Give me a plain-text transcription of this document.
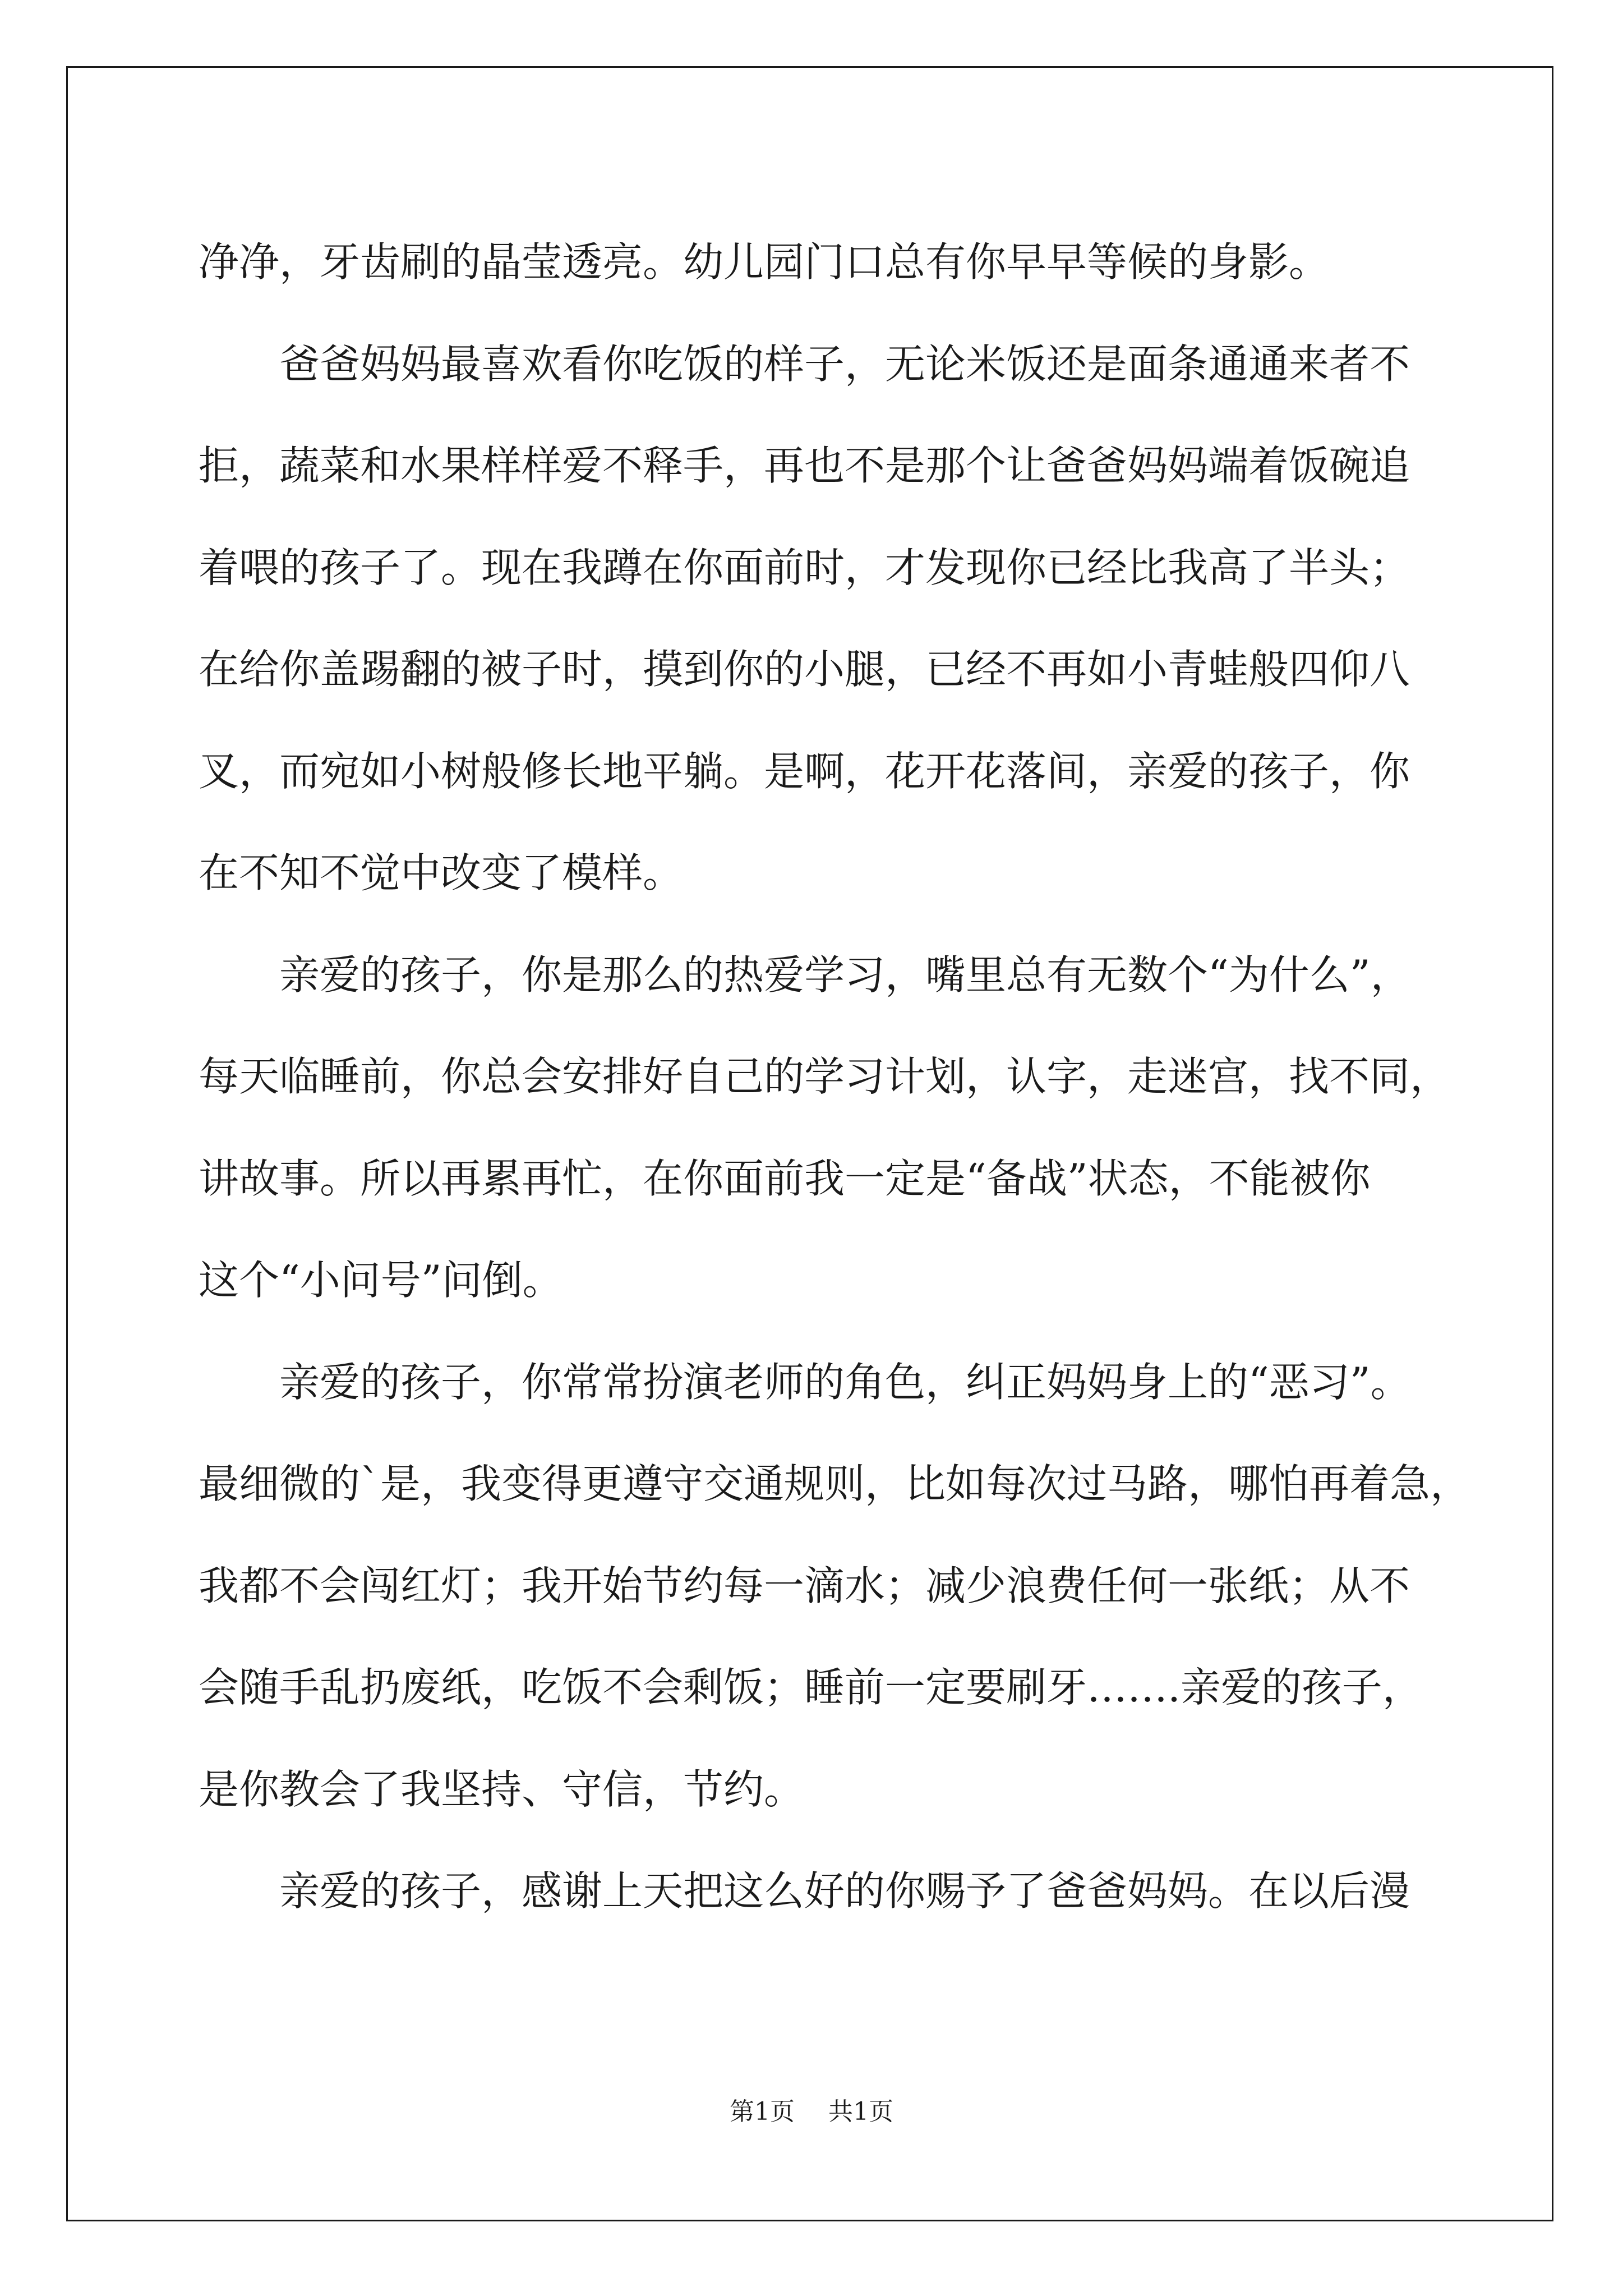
净净，牙齿刷的晶莹透亮。幼儿园门口总有你早早等候的身影。
爸爸妈妈最喜欢看你吃饭的样子，无论米饭还是面条通通来者不
拒，蔬菜和水果样样爱不释手，再也不是那个让爸爸妈妈端着饭碗追
着喂的孩子了。现在我蹲在你面前时，才发现你已经比我高了半头；
在给你盖踢翻的被子时，摸到你的小腿，已经不再如小青蛙般四仰八
叉，而宛如小树般修长地平躺。是啊，花开花落间，亲爱的孩子，你
在不知不觉中改变了模样。
亲爱的孩子，你是那么的热爱学习，嘴里总有无数个“为什么”，
每天临睡前，你总会安排好自己的学习计划，认字，走迷宫，找不同，
讲故事。所以再累再忙，在你面前我一定是“备战”状态，不能被你
这个“小问号”问倒。
亲爱的孩子，你常常扮演老师的角色，纠正妈妈身上的“恶习”。
最细微的`是，我变得更遵守交通规则，比如每次过马路，哪怕再着急，
我都不会闯红灯；我开始节约每一滴水；减少浪费任何一张纸；从不
会随手乱扔废纸，吃饭不会剩饭；睡前一定要刷牙…….亲爱的孩子，
是你教会了我坚持、守信，节约。
亲爱的孩子，感谢上天把这么好的你赐予了爸爸妈妈。在以后漫
第1页 共1页
